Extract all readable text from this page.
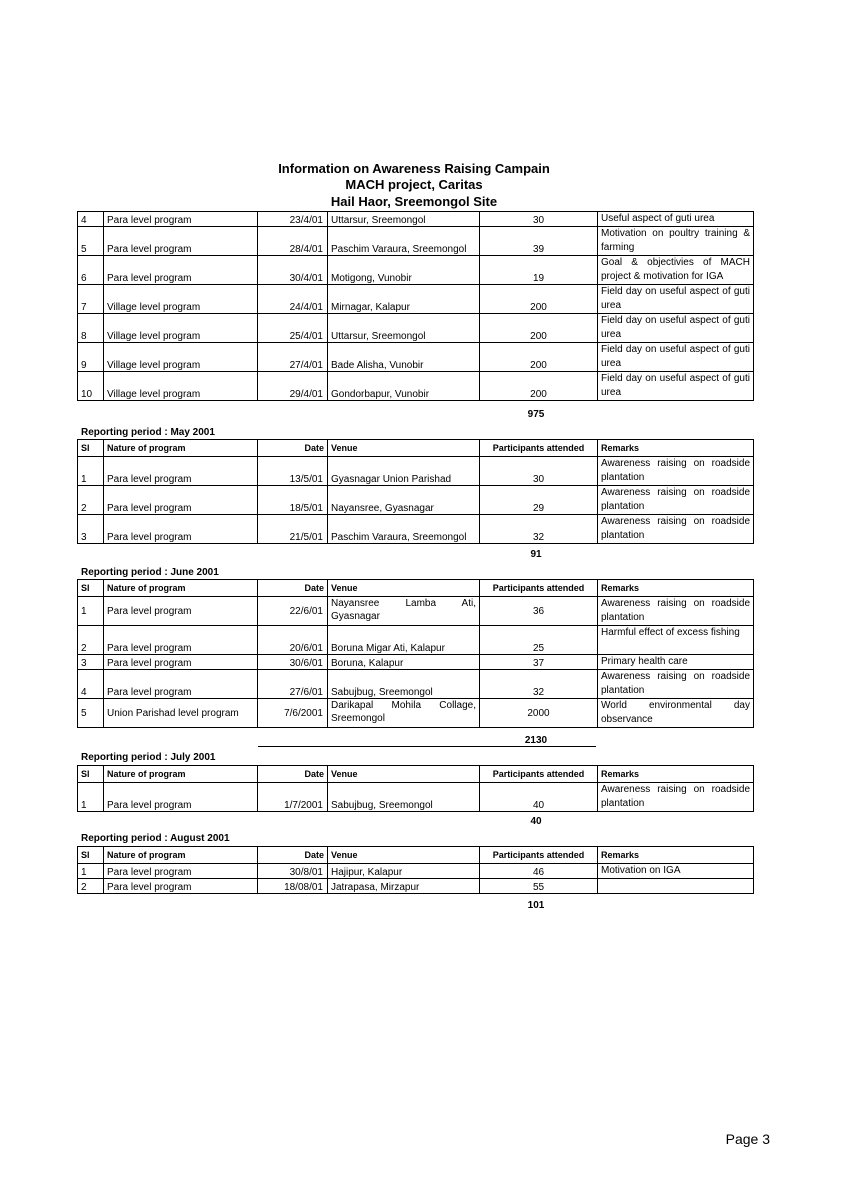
Information on Awareness Raising Campain
MACH project, Caritas
Hail Haor, Sreemongol Site
4	Para level program	23/4/01	Uttarsur, Sreemongol	30	Useful aspect of guti urea
5	Para level program	28/4/01	Paschim Varaura, Sreemongol	39	Motivation on poultry training & farming
6	Para level program	30/4/01	Motigong, Vunobir	19	Goal & objectivies of MACH project & motivation for IGA
7	Village level program	24/4/01	Mirnagar, Kalapur	200	Field day on useful aspect of guti urea
8	Village level program	25/4/01	Uttarsur, Sreemongol	200	Field day on useful aspect of guti urea
9	Village level program	27/4/01	Bade Alisha, Vunobir	200	Field day on useful aspect of guti urea
10	Village level program	29/4/01	Gondorbapur, Vunobir	200	Field day on useful aspect of guti urea
975
Reporting period : May 2001
Sl	Nature of program	Date	Venue	Participants attended	Remarks
1	Para level program	13/5/01	Gyasnagar Union Parishad	30	Awareness raising on roadside plantation
2	Para level program	18/5/01	Nayansree, Gyasnagar	29	Awareness raising on roadside plantation
3	Para level program	21/5/01	Paschim Varaura, Sreemongol	32	Awareness raising on roadside plantation
91
Reporting period : June 2001
Sl	Nature of program	Date	Venue	Participants attended	Remarks
1	Para level program	22/6/01	Nayansree Lamba Ati, Gyasnagar	36	Awareness raising on roadside plantation
2	Para level program	20/6/01	Boruna Migar Ati, Kalapur	25	Harmful effect of excess fishing
3	Para level program	30/6/01	Boruna, Kalapur	37	Primary health care
4	Para level program	27/6/01	Sabujbug, Sreemongol	32	Awareness raising on roadside plantation
5	Union Parishad level program	7/6/2001	Darikapal Mohila Collage, Sreemongol	2000	World environmental day observance
2130
Reporting period : July 2001
Sl	Nature of program	Date	Venue	Participants attended	Remarks
1	Para level program	1/7/2001	Sabujbug, Sreemongol	40	Awareness raising on roadside plantation
40
Reporting period : August 2001
Sl	Nature of program	Date	Venue	Participants attended	Remarks
1	Para level program	30/8/01	Hajipur, Kalapur	46	Motivation on IGA
2	Para level program	18/08/01	Jatrapasa, Mirzapur	55	
101
Page 3
